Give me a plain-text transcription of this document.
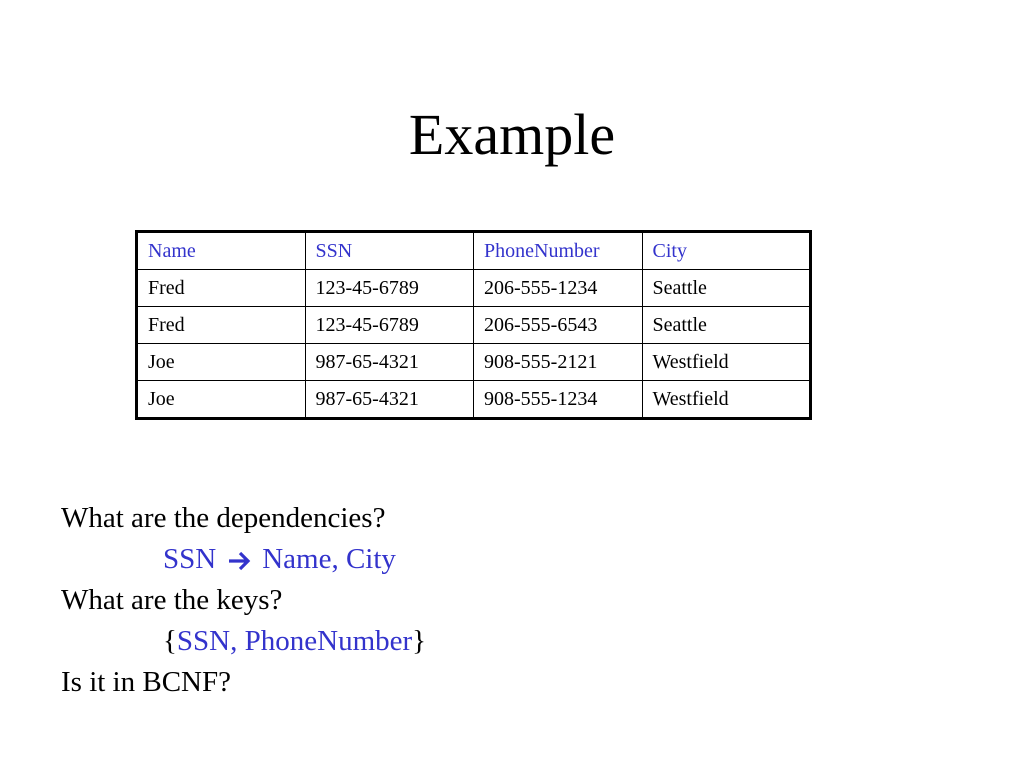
Example
Name	SSN	PhoneNumber	City
Fred	123-45-6789	206-555-1234	Seattle
Fred	123-45-6789	206-555-6543	Seattle
Joe	987-65-4321	908-555-2121	Westfield
Joe	987-65-4321	908-555-1234	Westfield
What are the dependencies?
SSN Name, City
What are the keys?
{SSN, PhoneNumber}
Is it in BCNF?
